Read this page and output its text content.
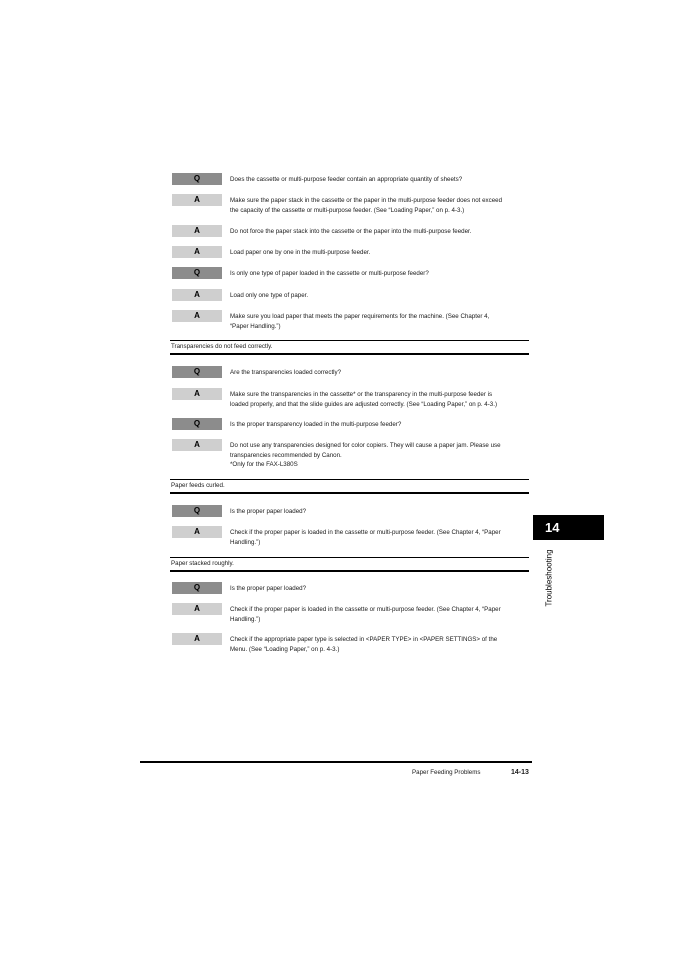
Q	Does the cassette or multi-purpose feeder contain an appropriate quantity of sheets?
A	Make sure the paper stack in the cassette or the paper in the multi-purpose feeder does not exceed
the capacity of the cassette or multi-purpose feeder. (See “Loading Paper,” on p. 4-3.)
A	Do not force the paper stack into the cassette or the paper into the multi-purpose feeder.
A	Load paper one by one in the multi-purpose feeder.
Q	Is only one type of paper loaded in the cassette or multi-purpose feeder?
A	Load only one type of paper.
A	Make sure you load paper that meets the paper requirements for the machine. (See Chapter 4,
“Paper Handling.”)
Transparencies do not feed correctly.
Q	Are the transparencies loaded correctly?
A	Make sure the transparencies in the cassette* or the transparency in the multi-purpose feeder is
loaded properly, and that the slide guides are adjusted correctly. (See “Loading Paper,” on p. 4-3.)
Q	Is the proper transparency loaded in the multi-purpose feeder?
A	Do not use any transparencies designed for color copiers. They will cause a paper jam. Please use
transparencies recommended by Canon.
*Only for the FAX-L380S
Paper feeds curled.
Q	Is the proper paper loaded?
A	Check if the proper paper is loaded in the cassette or multi-purpose feeder. (See Chapter 4, “Paper
Handling.”)
Paper stacked roughly.
Q	Is the proper paper loaded?
A	Check if the proper paper is loaded in the cassette or multi-purpose feeder. (See Chapter 4, “Paper
Handling.”)
A	Check if the appropriate paper type is selected in <PAPER TYPE> in <PAPER SETTINGS> of the
Menu. (See “Loading Paper,” on p. 4-3.)
14
Troubleshooting
Paper Feeding Problems	14-13
